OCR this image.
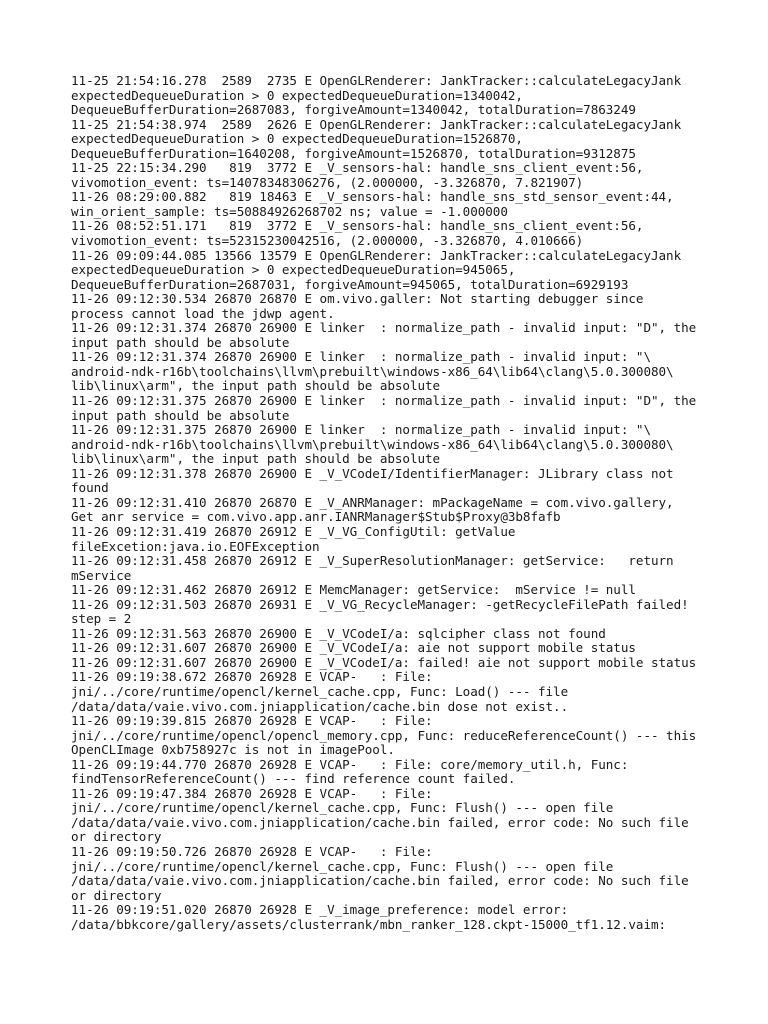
11-25 21:54:16.278  2589  2735 E OpenGLRenderer: JankTracker::calculateLegacyJank
expectedDequeueDuration > 0 expectedDequeueDuration=1340042,
DequeueBufferDuration=2687083, forgiveAmount=1340042, totalDuration=7863249
11-25 21:54:38.974  2589  2626 E OpenGLRenderer: JankTracker::calculateLegacyJank
expectedDequeueDuration > 0 expectedDequeueDuration=1526870,
DequeueBufferDuration=1640208, forgiveAmount=1526870, totalDuration=9312875
11-25 22:15:34.290   819  3772 E _V_sensors-hal: handle_sns_client_event:56,
vivomotion_event: ts=14078348306276, (2.000000, -3.326870, 7.821907)
11-26 08:29:00.882   819 18463 E _V_sensors-hal: handle_sns_std_sensor_event:44,
win_orient_sample: ts=50884926268702 ns; value = -1.000000
11-26 08:52:51.171   819  3772 E _V_sensors-hal: handle_sns_client_event:56,
vivomotion_event: ts=52315230042516, (2.000000, -3.326870, 4.010666)
11-26 09:09:44.085 13566 13579 E OpenGLRenderer: JankTracker::calculateLegacyJank
expectedDequeueDuration > 0 expectedDequeueDuration=945065,
DequeueBufferDuration=2687031, forgiveAmount=945065, totalDuration=6929193
11-26 09:12:30.534 26870 26870 E om.vivo.galler: Not starting debugger since
process cannot load the jdwp agent.
11-26 09:12:31.374 26870 26900 E linker  : normalize_path - invalid input: "D", the
input path should be absolute
11-26 09:12:31.374 26870 26900 E linker  : normalize_path - invalid input: "\
android-ndk-r16b\toolchains\llvm\prebuilt\windows-x86_64\lib64\clang\5.0.300080\
lib\linux\arm", the input path should be absolute
11-26 09:12:31.375 26870 26900 E linker  : normalize_path - invalid input: "D", the
input path should be absolute
11-26 09:12:31.375 26870 26900 E linker  : normalize_path - invalid input: "\
android-ndk-r16b\toolchains\llvm\prebuilt\windows-x86_64\lib64\clang\5.0.300080\
lib\linux\arm", the input path should be absolute
11-26 09:12:31.378 26870 26900 E _V_VCodeI/IdentifierManager: JLibrary class not
found
11-26 09:12:31.410 26870 26870 E _V_ANRManager: mPackageName = com.vivo.gallery,
Get anr service = com.vivo.app.anr.IANRManager$Stub$Proxy@3b8fafb
11-26 09:12:31.419 26870 26912 E _V_VG_ConfigUtil: getValue
fileExcetion:java.io.EOFException
11-26 09:12:31.458 26870 26912 E _V_SuperResolutionManager: getService:   return
mService
11-26 09:12:31.462 26870 26912 E MemcManager: getService:  mService != null
11-26 09:12:31.503 26870 26931 E _V_VG_RecycleManager: -getRecycleFilePath failed!
step = 2
11-26 09:12:31.563 26870 26900 E _V_VCodeI/a: sqlcipher class not found
11-26 09:12:31.607 26870 26900 E _V_VCodeI/a: aie not support mobile status
11-26 09:12:31.607 26870 26900 E _V_VCodeI/a: failed! aie not support mobile status
11-26 09:19:38.672 26870 26928 E VCAP-   : File:
jni/../core/runtime/opencl/kernel_cache.cpp, Func: Load() --- file
/data/data/vaie.vivo.com.jniapplication/cache.bin dose not exist..
11-26 09:19:39.815 26870 26928 E VCAP-   : File:
jni/../core/runtime/opencl/opencl_memory.cpp, Func: reduceReferenceCount() --- this
OpenCLImage 0xb758927c is not in imagePool.
11-26 09:19:44.770 26870 26928 E VCAP-   : File: core/memory_util.h, Func:
findTensorReferenceCount() --- find reference count failed.
11-26 09:19:47.384 26870 26928 E VCAP-   : File:
jni/../core/runtime/opencl/kernel_cache.cpp, Func: Flush() --- open file
/data/data/vaie.vivo.com.jniapplication/cache.bin failed, error code: No such file
or directory
11-26 09:19:50.726 26870 26928 E VCAP-   : File:
jni/../core/runtime/opencl/kernel_cache.cpp, Func: Flush() --- open file
/data/data/vaie.vivo.com.jniapplication/cache.bin failed, error code: No such file
or directory
11-26 09:19:51.020 26870 26928 E _V_image_preference: model error:
/data/bbkcore/gallery/assets/clusterrank/mbn_ranker_128.ckpt-15000_tf1.12.vaim:
